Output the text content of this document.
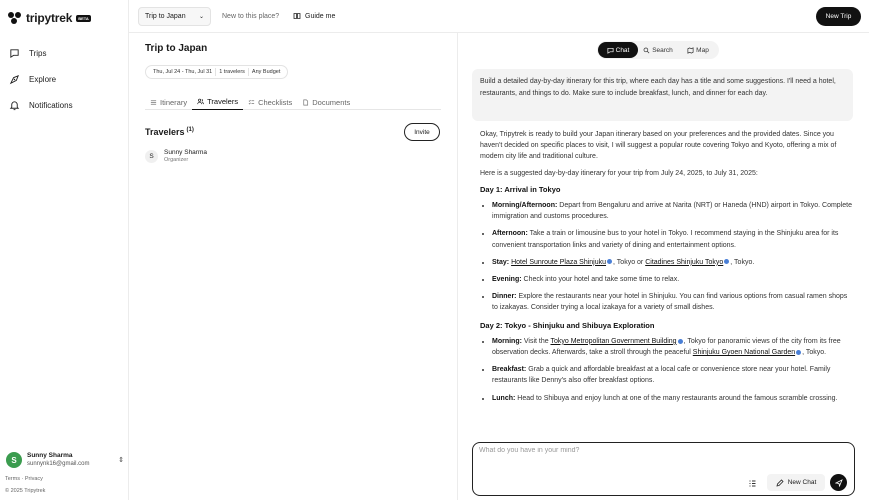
tripytrek	BETA
Trips
Explore
Notifications
S	Sunny Sharma
sunnynk16@gmail.com	⇕
Terms · Privacy
© 2025 Tripytrek
Trip to Japan ⌄	New to this place?	Guide me	New Trip
Trip to Japan
Thu, Jul 24 - Thu, Jul 31	1 travelers	Any Budget
Itinerary	Travelers	Checklists	Documents
Travelers $^{(1)}$	Invite
S	Sunny Sharma
Organizer
Chat	Search	Map
Build a detailed day-by-day itinerary for this trip, where each day has a title and some suggestions. I'll need a hotel, restaurants, and things to do. Make sure to include breakfast, lunch, and dinner for each day.

Okay, Tripytrek is ready to build your Japan itinerary based on your preferences and the provided dates. Since you haven't decided on specific places to visit, I will suggest a popular route covering Tokyo and Kyoto, offering a mix of modern city life and traditional culture.

Here is a suggested day-by-day itinerary for your trip from July 24, 2025, to July 31, 2025:

Day 1: Arrival in Tokyo
• Morning/Afternoon: Depart from Bengaluru and arrive at Narita (NRT) or Haneda (HND) airport in Tokyo. Complete immigration and customs procedures.
• Afternoon: Take a train or limousine bus to your hotel in Tokyo. I recommend staying in the Shinjuku area for its convenient transportation links and variety of dining and entertainment options.
• Stay: Hotel Sunroute Plaza Shinjuku , Tokyo or Citadines Shinjuku Tokyo , Tokyo.
• Evening: Check into your hotel and take some time to relax.
• Dinner: Explore the restaurants near your hotel in Shinjuku. You can find various options from casual ramen shops to izakayas. Consider trying a local izakaya for a variety of small dishes.
Day 2: Tokyo - Shinjuku and Shibuya Exploration
• Morning: Visit the Tokyo Metropolitan Government Building , Tokyo for panoramic views of the city from its free observation decks. Afterwards, take a stroll through the peaceful Shinjuku Gyoen National Garden , Tokyo.
• Breakfast: Grab a quick and affordable breakfast at a local cafe or convenience store near your hotel. Family restaurants like Denny's also offer breakfast options.
• Lunch: Head to Shibuya and enjoy lunch at one of the many restaurants around the famous scramble crossing.
What do you have in your mind?
New Chat
